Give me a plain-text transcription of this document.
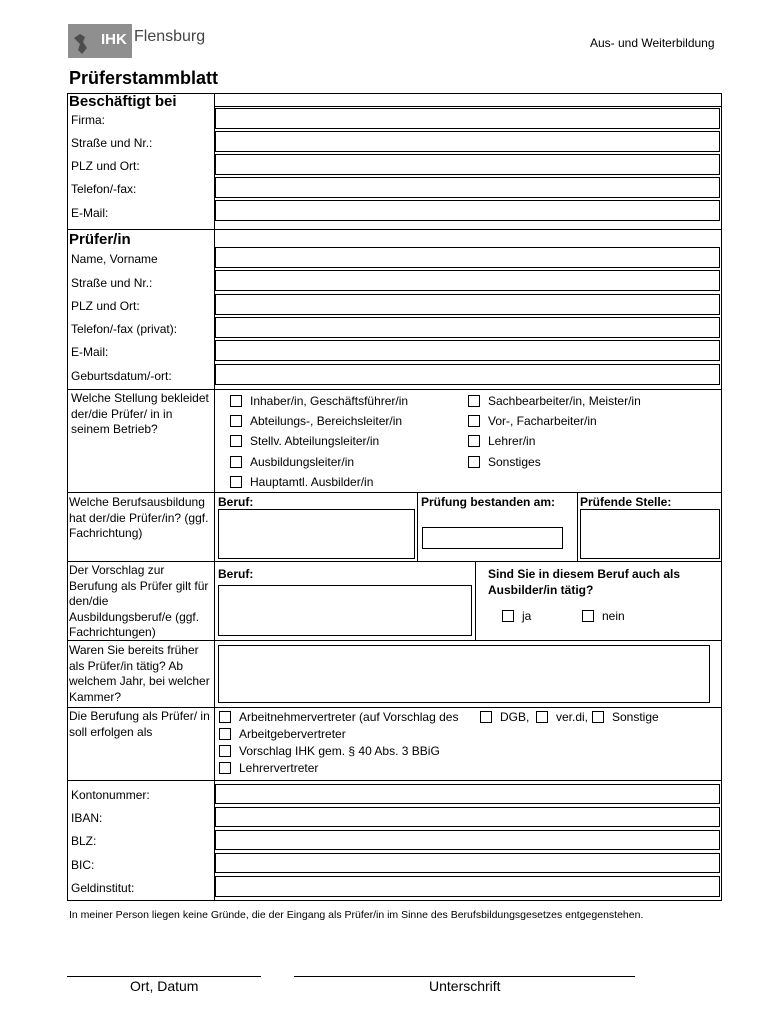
IHK Flensburg	Aus- und Weiterbildung
Prüferstammblatt
Beschäftigt bei
Firma:
Straße und Nr.:
PLZ und Ort:
Telefon/-fax:
E-Mail:
Prüfer/in
Name, Vorname
Straße und Nr.:
PLZ und Ort:
Telefon/-fax (privat):
E-Mail:
Geburtsdatum/-ort:
Welche Stellung bekleidet der/die Prüfer/ in in seinem Betrieb?
Inhaber/in, Geschäftsführer/in
Abteilungs-, Bereichsleiter/in
Stellv. Abteilungsleiter/in
Ausbildungsleiter/in
Hauptamtl. Ausbilder/in
Sachbearbeiter/in, Meister/in
Vor-, Facharbeiter/in
Lehrer/in
Sonstiges
Welche Berufsausbildung hat der/die Prüfer/in? (ggf. Fachrichtung)
Beruf:	Prüfung bestanden am: Prüfende Stelle:
Der Vorschlag zur Berufung als Prüfer gilt für den/die Ausbildungsberuf/e (ggf. Fachrichtungen)
Beruf:	Sind Sie in diesem Beruf auch als Ausbilder/in tätig?
ja	nein
Waren Sie bereits früher als Prüfer/in tätig? Ab welchem Jahr, bei welcher Kammer?
Die Berufung als Prüfer/ in soll erfolgen als
Arbeitnehmervertreter (auf Vorschlag des	DGB, ver.di, Sonstige
Arbeitgebervertreter
Vorschlag IHK gem. § 40 Abs. 3 BBiG
Lehrervertreter
Kontonummer:
IBAN:
BLZ:
BIC:
Geldinstitut:
In meiner Person liegen keine Gründe, die der Eingang als Prüfer/in im Sinne des Berufsbildungsgesetzes entgegenstehen.
Ort, Datum	Unterschrift
